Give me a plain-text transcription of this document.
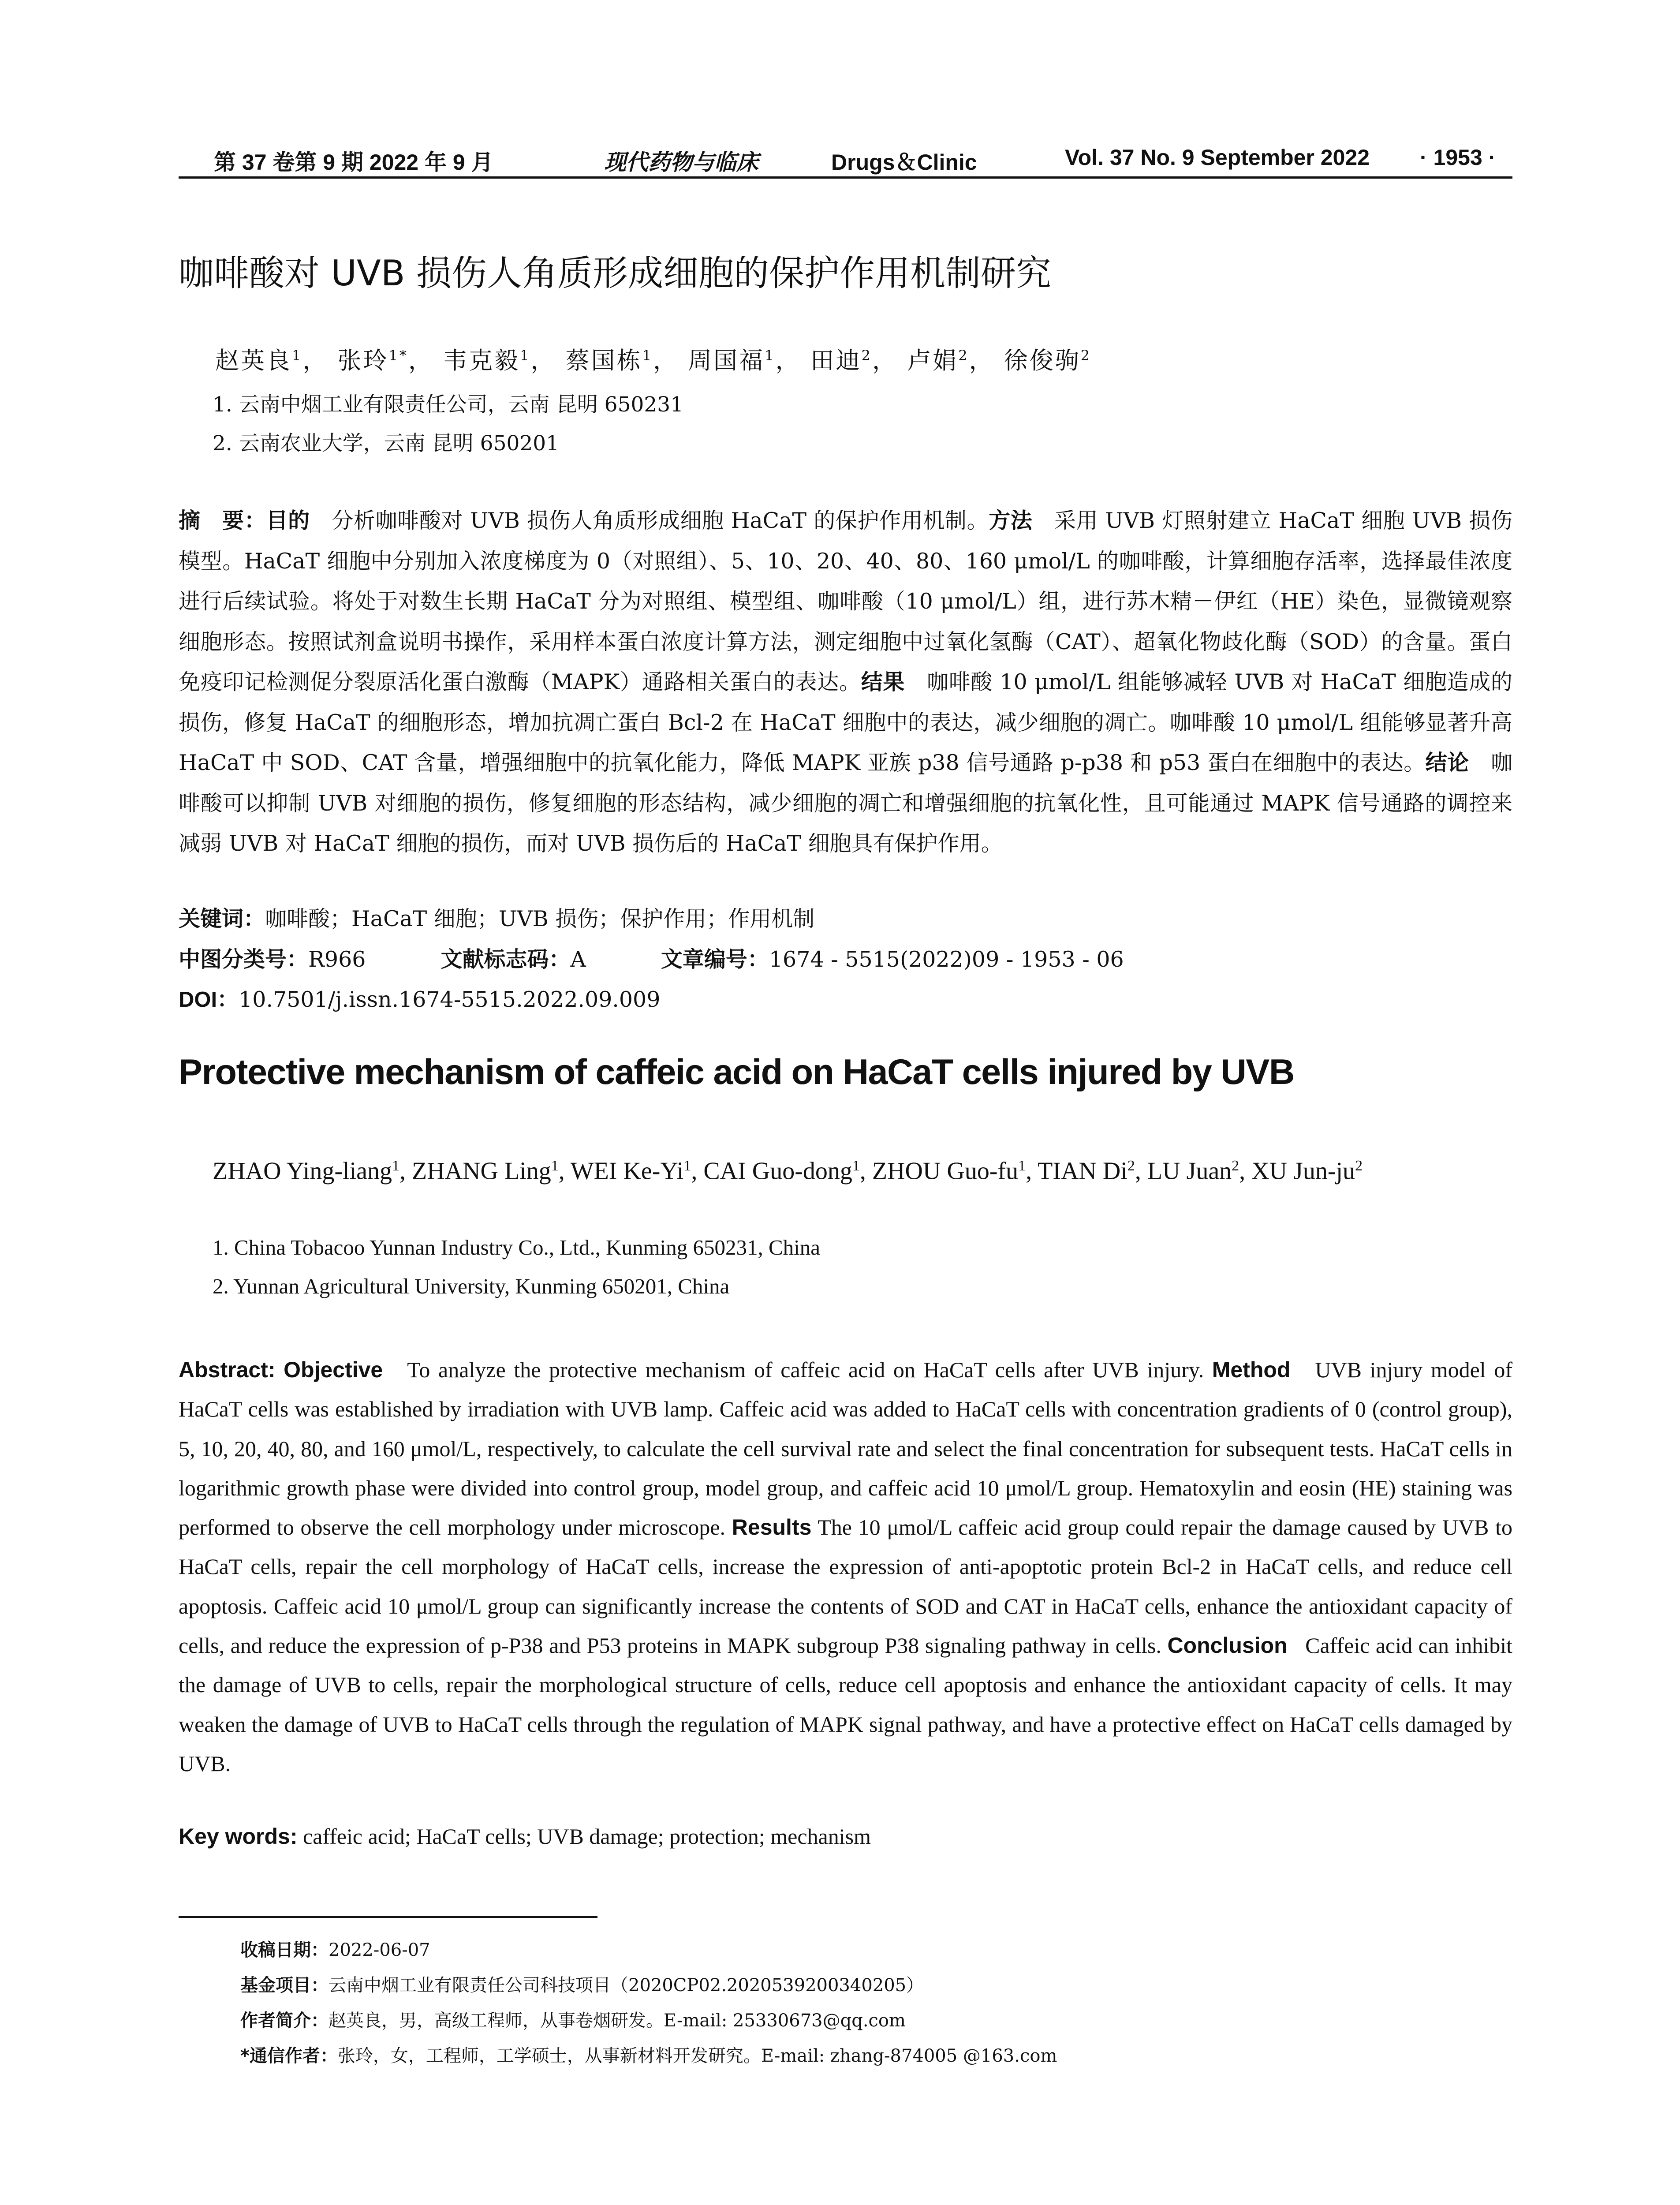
第 37 卷第 9 期 2022 年 9 月	现代药物与临床	Drugs＆Clinic	Vol. 37 No. 9 September 2022 · 1953 ·
咖啡酸对 UVB 损伤人角质形成细胞的保护作用机制研究
赵英良$^1$， 张玲$^{1*}$， 韦克毅$^1$， 蔡国栋$^1$， 周国福$^1$， 田迪$^2$， 卢娟$^2$， 徐俊驹$^2$
1. 云南中烟工业有限责任公司，云南 昆明 650231
2. 云南农业大学，云南 昆明 650201
摘　要：目的　 分析咖啡酸对 UVB 损伤人角质形成细胞 HaCaT 的保护作用机制。方法　 采用 UVB 灯照射建立 HaCaT 细胞 UVB 损伤模型。HaCaT 细胞中分别加入浓度梯度为 0（对照组）、5、10、20、40、80、160 μmol/L 的咖啡酸，计算细胞存活率，选择最佳浓度进行后续试验。将处于对数生长期 HaCaT 分为对照组、模型组、咖啡酸（10 μmol/L）组，进行苏木精－伊红（HE）染色，显微镜观察细胞形态。按照试剂盒说明书操作，采用样本蛋白浓度计算方法，测定细胞中过氧化氢酶（CAT）、超氧化物歧化酶（SOD）的含量。蛋白免疫印记检测促分裂原活化蛋白激酶（MAPK）通路相关蛋白的表达。结果　 咖啡酸 10 μmol/L 组能够减轻 UVB 对 HaCaT 细胞造成的损伤，修复 HaCaT 的细胞形态，增加抗凋亡蛋白 Bcl-2 在 HaCaT 细胞中的表达，减少细胞的凋亡。咖啡酸 10 μmol/L 组能够显著升高 HaCaT 中 SOD、CAT 含量，增强细胞中的抗氧化能力，降低 MAPK 亚族 p38 信号通路 p-p38 和 p53 蛋白在细胞中的表达。结论　 咖啡酸可以抑制 UVB 对细胞的损伤，修复细胞的形态结构，减少细胞的凋亡和增强细胞的抗氧化性，且可能通过 MAPK 信号通路的调控来减弱 UVB 对 HaCaT 细胞的损伤，而对 UVB 损伤后的 HaCaT 细胞具有保护作用。
关键词：咖啡酸；HaCaT 细胞；UVB 损伤；保护作用；作用机制
中图分类号：R966	文献标志码：A	文章编号：1674 - 5515(2022)09 - 1953 - 06
DOI：10.7501/j.issn.1674-5515.2022.09.009
Protective mechanism of caffeic acid on HaCaT cells injured by UVB
ZHAO Ying-liang$^1$, ZHANG Ling$^1$, WEI Ke-Yi$^1$, CAI Guo-dong$^1$, ZHOU Guo-$fu^1$, TIAN Di$^2$, LU Juan$^2$, XU Jun-$ju^2$
1. China Tobacoo Yunnan Industry Co., Ltd., Kunming 650231, China
2. Yunnan Agricultural University, Kunming 650201, China
Abstract: Objective To analyze the protective mechanism of caffeic acid on HaCaT cells after UVB injury. Method UVB injury model of HaCaT cells was established by irradiation with UVB lamp. Caffeic acid was added to HaCaT cells with concentration gradients of 0 (control group), 5, 10, 20, 40, 80, and 160 μmol/L, respectively, to calculate the cell survival rate and select the final concentration for subsequent tests. HaCaT cells in logarithmic growth phase were divided into control group, model group, and caffeic acid 10 μmol/L group. Hematoxylin and eosin (HE) staining was performed to observe the cell morphology under microscope. Results The 10 μmol/L caffeic acid group could repair the damage caused by UVB to HaCaT cells, repair the cell morphology of HaCaT cells, increase the expression of anti-apoptotic protein Bcl-2 in HaCaT cells, and reduce cell apoptosis. Caffeic acid 10 μmol/L group can significantly increase the contents of SOD and CAT in HaCaT cells, enhance the antioxidant capacity of cells, and reduce the expression of p-P38 and P53 proteins in MAPK subgroup P38 signaling pathway in cells. Conclusion Caffeic acid can inhibit the damage of UVB to cells, repair the morphological structure of cells, reduce cell apoptosis and enhance the antioxidant capacity of cells. It may weaken the damage of UVB to HaCaT cells through the regulation of MAPK signal pathway, and have a protective effect on HaCaT cells damaged by UVB.
Key words: caffeic acid; HaCaT cells; UVB damage; protection; mechanism
收稿日期：2022-06-07
基金项目：云南中烟工业有限责任公司科技项目（2020CP02.2020539200340205）
作者简介：赵英良，男，高级工程师，从事卷烟研发。E-mail: 25330673@qq.com
*通信作者：张玲，女，工程师，工学硕士，从事新材料开发研究。E-mail: zhang-874005 @163.com
